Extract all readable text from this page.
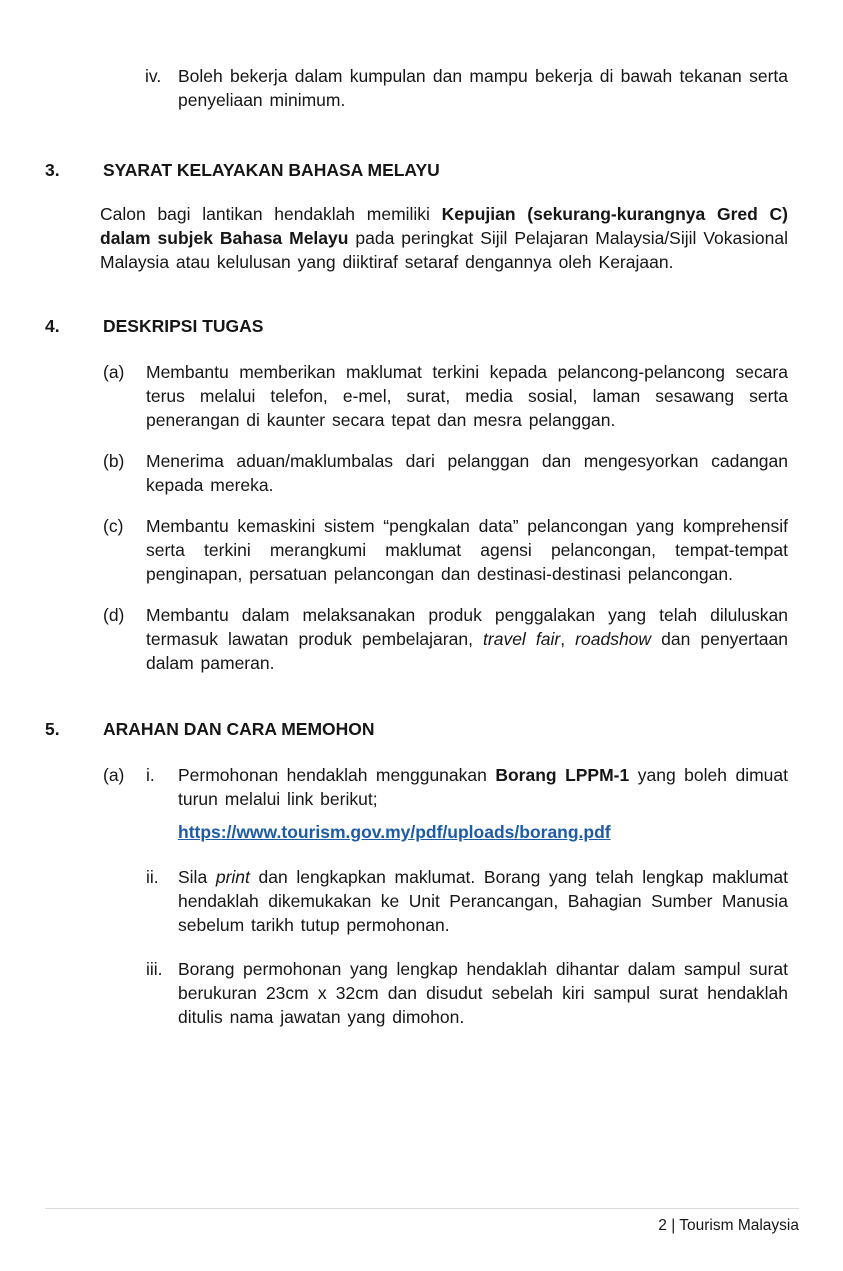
iv. Boleh bekerja dalam kumpulan dan mampu bekerja di bawah tekanan serta penyeliaan minimum.
3.	SYARAT KELAYAKAN BAHASA MELAYU

Calon bagi lantikan hendaklah memiliki Kepujian (sekurang-kurangnya Gred C) dalam subjek Bahasa Melayu pada peringkat Sijil Pelajaran Malaysia/Sijil Vokasional Malaysia atau kelulusan yang diiktiraf setaraf dengannya oleh Kerajaan.

4.	DESKRIPSI TUGAS
(a)	Membantu memberikan maklumat terkini kepada pelancong-pelancong secara terus melalui telefon, e-mel, surat, media sosial, laman sesawang serta penerangan di kaunter secara tepat dan mesra pelanggan.
(b)	Menerima aduan/maklumbalas dari pelanggan dan mengesyorkan cadangan kepada mereka.
(c)	Membantu kemaskini sistem “pengkalan data” pelancongan yang komprehensif serta terkini merangkumi maklumat agensi pelancongan, tempat-tempat penginapan, persatuan pelancongan dan destinasi-destinasi pelancongan.
(d)	Membantu dalam melaksanakan produk penggalakan yang telah diluluskan termasuk lawatan produk pembelajaran, travel fair, roadshow dan penyertaan dalam pameran.
5.	ARAHAN DAN CARA MEMOHON
(a)	i.	Permohonan hendaklah menggunakan Borang LPPM-1 yang boleh dimuat turun melalui link berikut;
https://www.tourism.gov.my/pdf/uploads/borang.pdf
ii.	Sila print dan lengkapkan maklumat. Borang yang telah lengkap maklumat hendaklah dikemukakan ke Unit Perancangan, Bahagian Sumber Manusia sebelum tarikh tutup permohonan.
iii. Borang permohonan yang lengkap hendaklah dihantar dalam sampul surat berukuran 23cm x 32cm dan disudut sebelah kiri sampul surat hendaklah ditulis nama jawatan yang dimohon.
2 | Tourism Malaysia
